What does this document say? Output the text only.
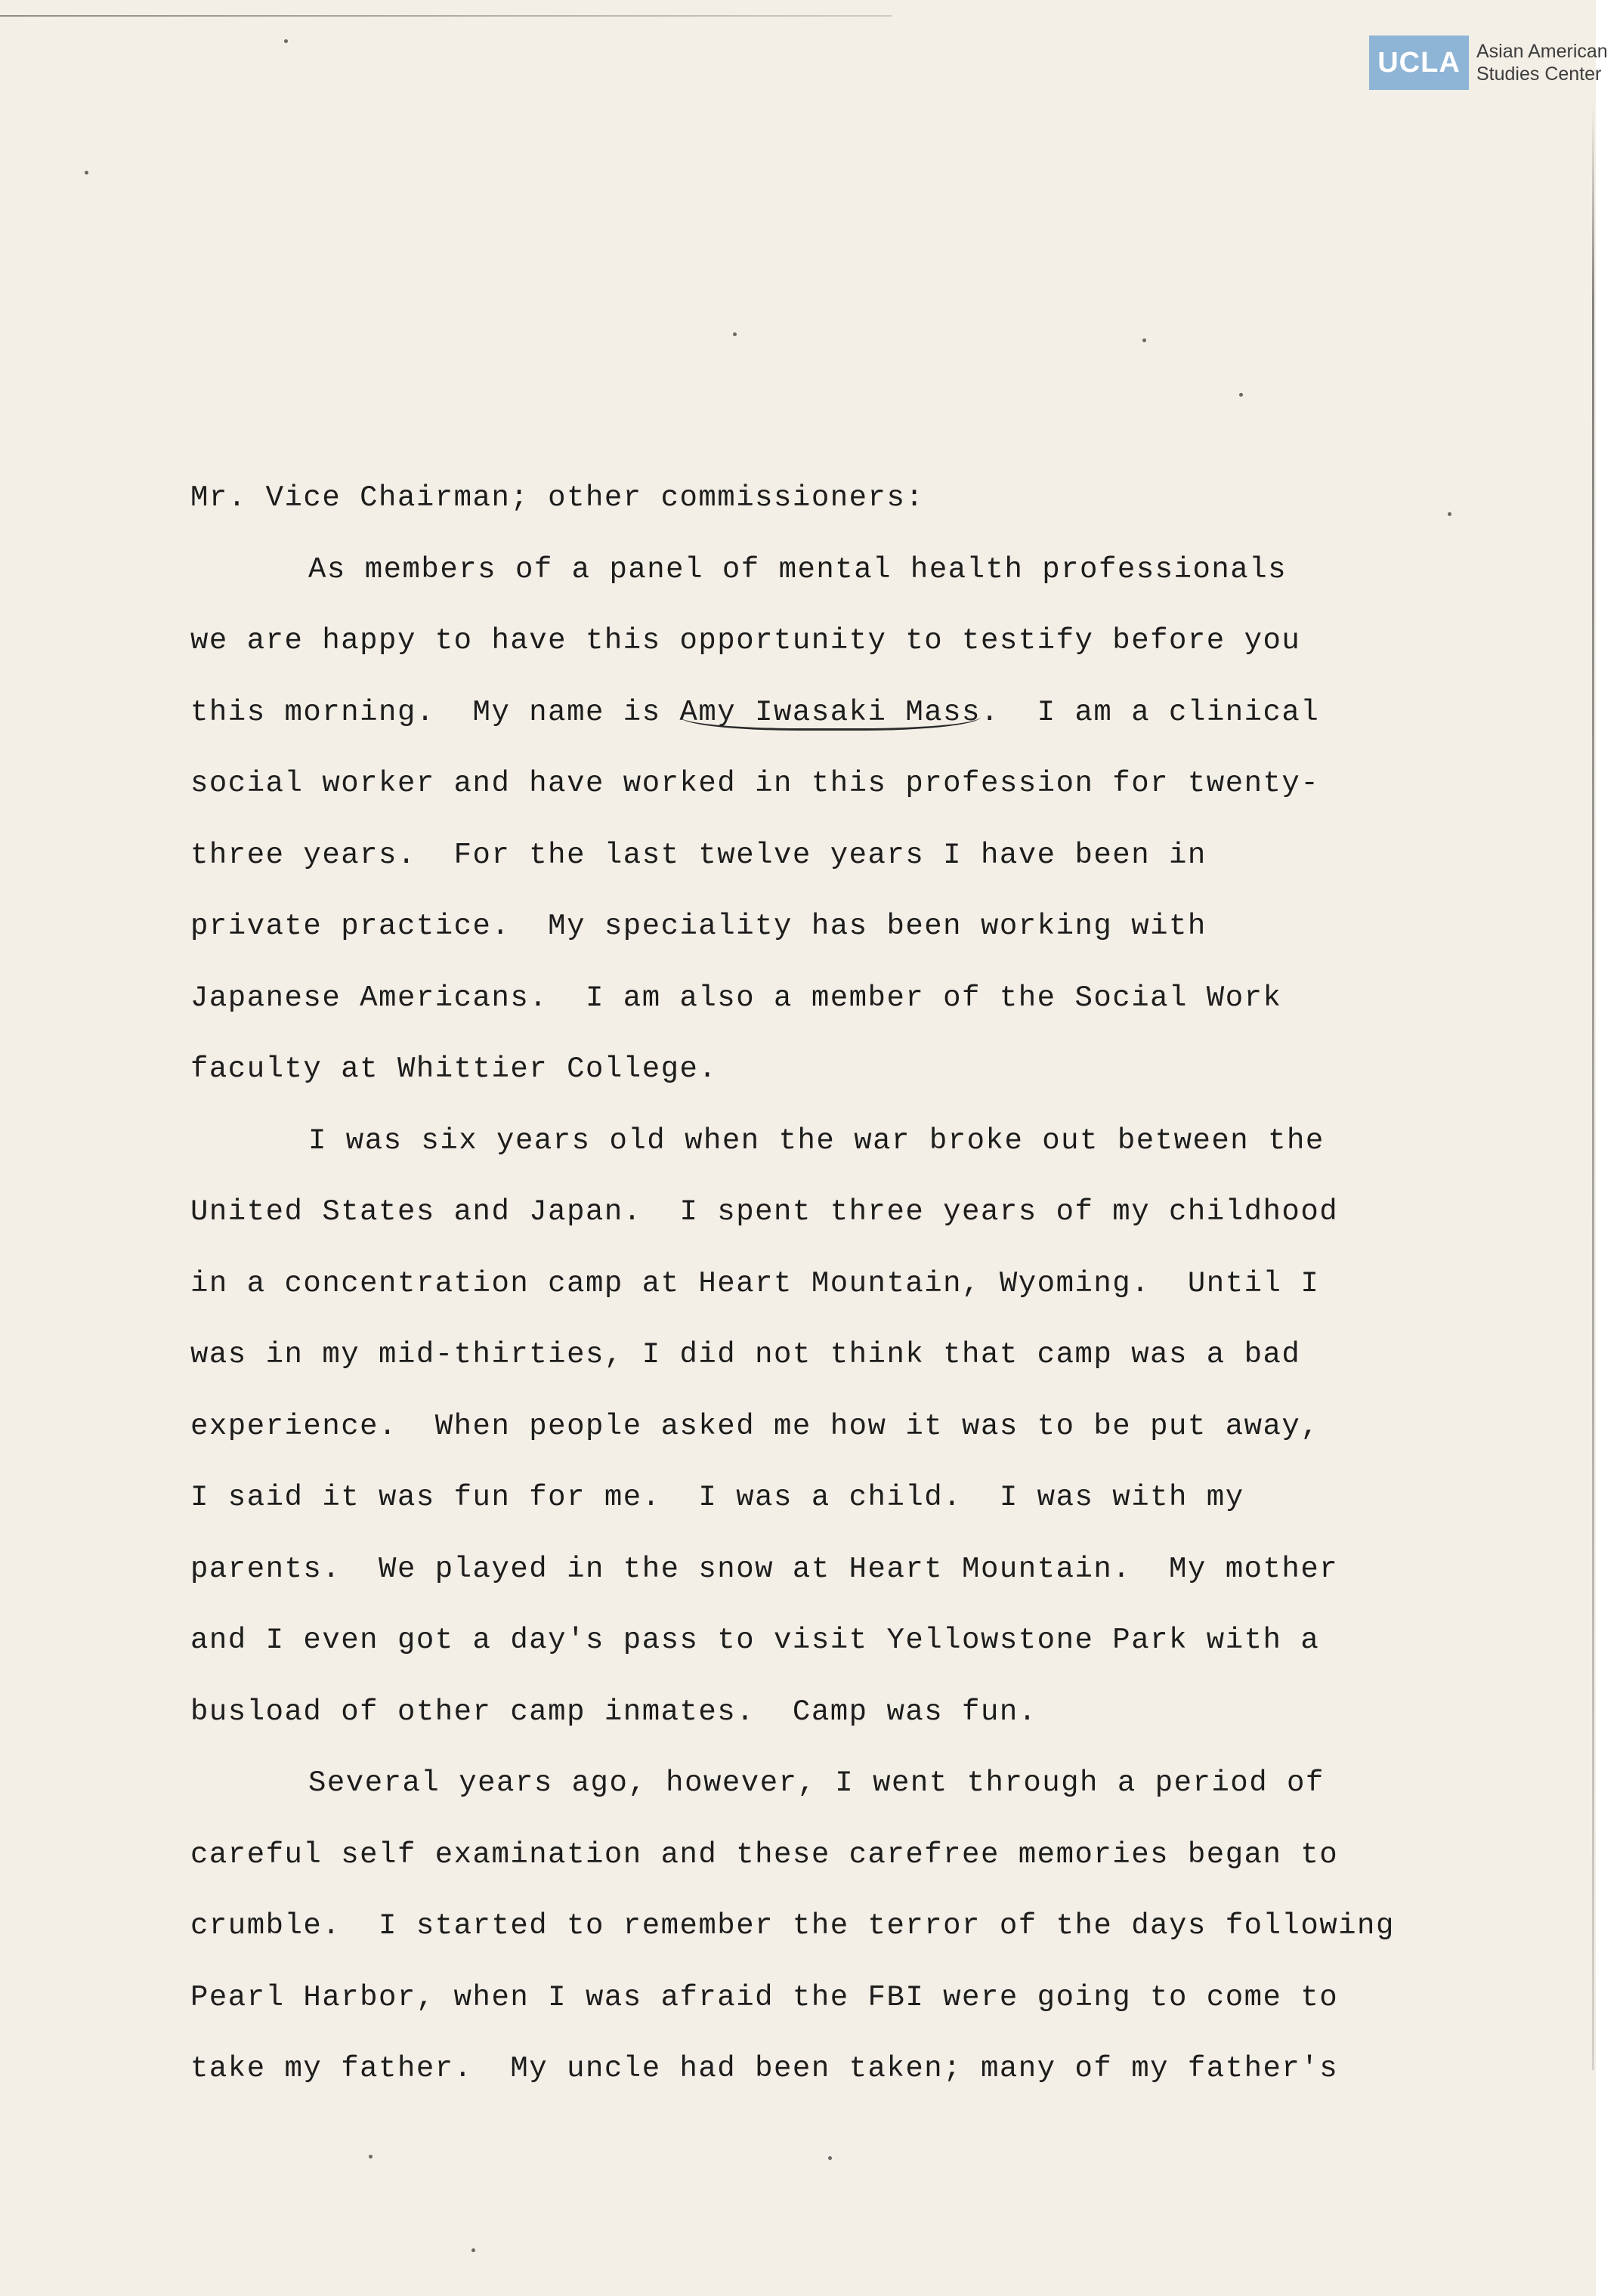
UCLA Asian American
Studies Center
Mr. Vice Chairman; other commissioners:
As members of a panel of mental health professionals
we are happy to have this opportunity to testify before you
this morning.  My name is Amy Iwasaki Mass.  I am a clinical
social worker and have worked in this profession for twenty-
three years.  For the last twelve years I have been in
private practice.  My speciality has been working with
Japanese Americans.  I am also a member of the Social Work
faculty at Whittier College.
I was six years old when the war broke out between the
United States and Japan.  I spent three years of my childhood
in a concentration camp at Heart Mountain, Wyoming.  Until I
was in my mid-thirties, I did not think that camp was a bad
experience.  When people asked me how it was to be put away,
I said it was fun for me.  I was a child.  I was with my
parents.  We played in the snow at Heart Mountain.  My mother
and I even got a day's pass to visit Yellowstone Park with a
busload of other camp inmates.  Camp was fun.
Several years ago, however, I went through a period of
careful self examination and these carefree memories began to
crumble.  I started to remember the terror of the days following
Pearl Harbor, when I was afraid the FBI were going to come to
take my father.  My uncle had been taken; many of my father's
